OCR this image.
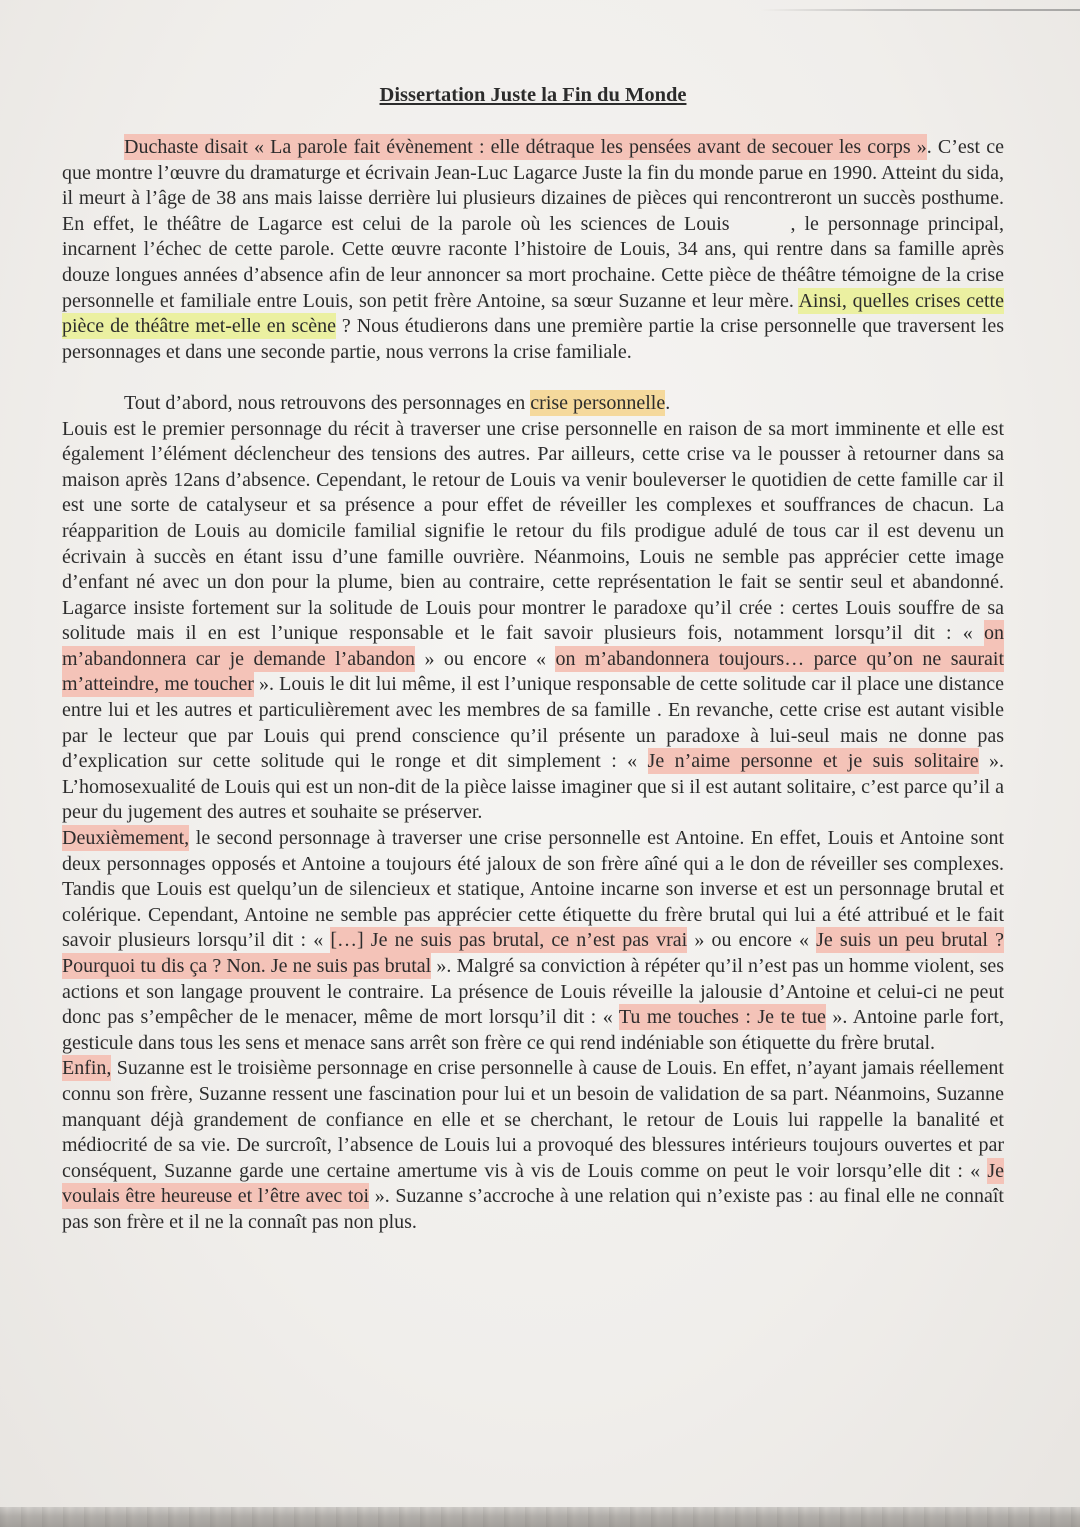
Dissertation Juste la Fin du Monde

Duchaste disait « La parole fait évènement : elle détraque les pensées avant de secouer les corps ». C’est ce que montre l’œuvre du dramaturge et écrivain Jean-Luc Lagarce Juste la fin du monde parue en 1990. Atteint du sida, il meurt à l’âge de 38 ans mais laisse derrière lui plusieurs dizaines de pièces qui rencontreront un succès posthume. En effet, le théâtre de Lagarce est celui de la parole où les sciences de Louis	, le personnage principal, incarnent l’échec de cette parole. Cette œuvre raconte l’histoire de Louis, 34 ans, qui rentre dans sa famille après douze longues années d’absence afin de leur annoncer sa mort prochaine. Cette pièce de théâtre témoigne de la crise personnelle et familiale entre Louis, son petit frère Antoine, sa sœur Suzanne et leur mère. Ainsi, quelles crises cette pièce de théâtre met-elle en scène ? Nous étudierons dans une première partie la crise personnelle que traversent les personnages et dans une seconde partie, nous verrons la crise familiale.

Tout d’abord, nous retrouvons des personnages en crise personnelle.

Louis est le premier personnage du récit à traverser une crise personnelle en raison de sa mort imminente et elle est également l’élément déclencheur des tensions des autres. Par ailleurs, cette crise va le pousser à retourner dans sa maison après 12ans d’absence. Cependant, le retour de Louis va venir bouleverser le quotidien de cette famille car il est une sorte de catalyseur et sa présence a pour effet de réveiller les complexes et souffrances de chacun. La réapparition de Louis au domicile familial signifie le retour du fils prodigue adulé de tous car il est devenu un écrivain à succès en étant issu d’une famille ouvrière. Néanmoins, Louis ne semble pas apprécier cette image d’enfant né avec un don pour la plume, bien au contraire, cette représentation le fait se sentir seul et abandonné. Lagarce insiste fortement sur la solitude de Louis pour montrer le paradoxe qu’il crée : certes Louis souffre de sa solitude mais il en est l’unique responsable et le fait savoir plusieurs fois, notamment lorsqu’il dit : « on m’abandonnera car je demande l’abandon » ou encore « on m’abandonnera toujours… parce qu’on ne saurait m’atteindre, me toucher ». Louis le dit lui même, il est l’unique responsable de cette solitude car il place une distance entre lui et les autres et particulièrement avec les membres de sa famille . En revanche, cette crise est autant visible par le lecteur que par Louis qui prend conscience qu’il présente un paradoxe à lui-seul mais ne donne pas d’explication sur cette solitude qui le ronge et dit simplement : « Je n’aime personne et je suis solitaire ». L’homosexualité de Louis qui est un non-dit de la pièce laisse imaginer que si il est autant solitaire, c’est parce qu’il a peur du jugement des autres et souhaite se préserver.

Deuxièmement, le second personnage à traverser une crise personnelle est Antoine. En effet, Louis et Antoine sont deux personnages opposés et Antoine a toujours été jaloux de son frère aîné qui a le don de réveiller ses complexes. Tandis que Louis est quelqu’un de silencieux et statique, Antoine incarne son inverse et est un personnage brutal et colérique. Cependant, Antoine ne semble pas apprécier cette étiquette du frère brutal qui lui a été attribué et le fait savoir plusieurs lorsqu’il dit : « […] Je ne suis pas brutal, ce n’est pas vrai » ou encore « Je suis un peu brutal ? Pourquoi tu dis ça ? Non. Je ne suis pas brutal ». Malgré sa conviction à répéter qu’il n’est pas un homme violent, ses actions et son langage prouvent le contraire. La présence de Louis réveille la jalousie d’Antoine et celui-ci ne peut donc pas s’empêcher de le menacer, même de mort lorsqu’il dit : « Tu me touches : Je te tue ». Antoine parle fort, gesticule dans tous les sens et menace sans arrêt son frère ce qui rend indéniable son étiquette du frère brutal.

Enfin, Suzanne est le troisième personnage en crise personnelle à cause de Louis. En effet, n’ayant jamais réellement connu son frère, Suzanne ressent une fascination pour lui et un besoin de validation de sa part. Néanmoins, Suzanne manquant déjà grandement de confiance en elle et se cherchant, le retour de Louis lui rappelle la banalité et médiocrité de sa vie. De surcroît, l’absence de Louis lui a provoqué des blessures intérieurs toujours ouvertes et par conséquent, Suzanne garde une certaine amertume vis à vis de Louis comme on peut le voir lorsqu’elle dit : « Je voulais être heureuse et l’être avec toi ». Suzanne s’accroche à une relation qui n’existe pas : au final elle ne connaît pas son frère et il ne la connaît pas non plus.
